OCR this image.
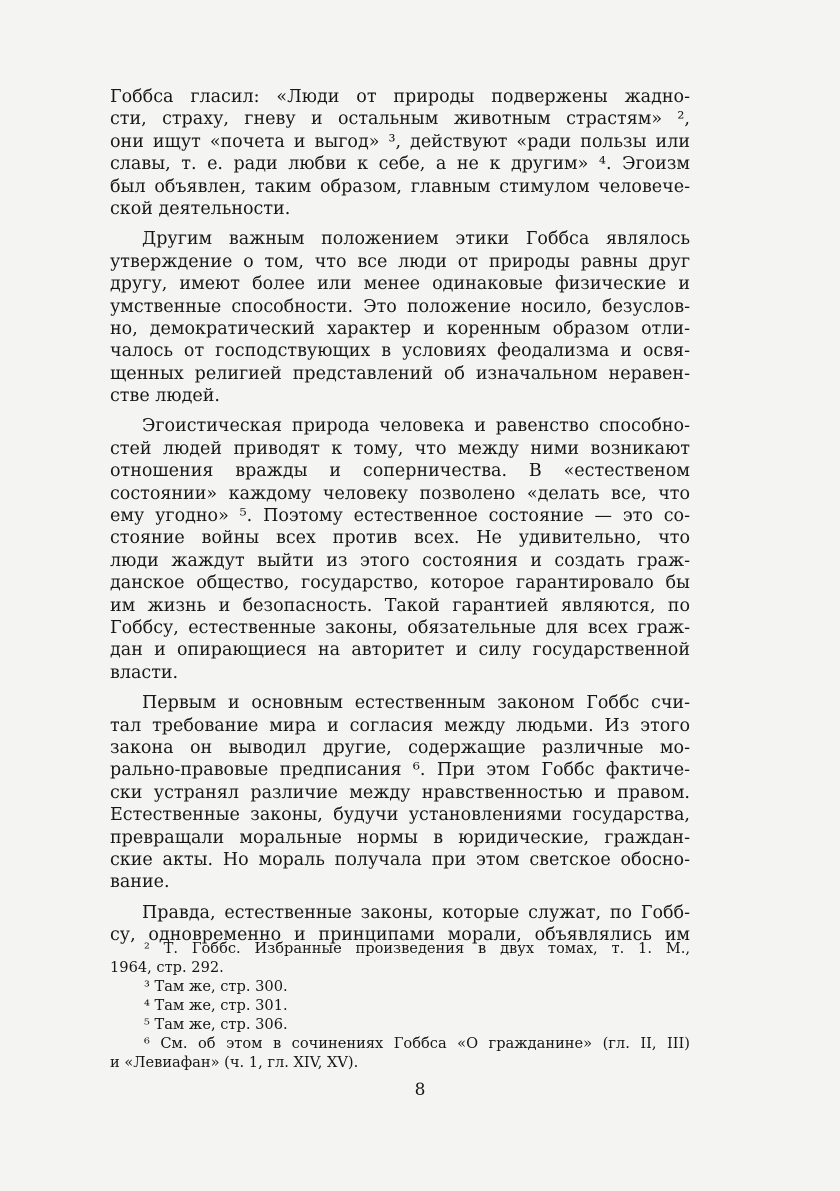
Гоббса гласил: «Люди от природы подвержены жадно-
сти, страху, гневу и остальным животным страстям» ²,
они ищут «почета и выгод» ³, действуют «ради пользы или
славы, т. е. ради любви к себе, а не к другим» ⁴. Эгоизм
был объявлен, таким образом, главным стимулом человече-
ской деятельности.
Другим важным положением этики Гоббса являлось
утверждение о том, что все люди от природы равны друг
другу, имеют более или менее одинаковые физические и
умственные способности. Это положение носило, безуслов-
но, демократический характер и коренным образом отли-
чалось от господствующих в условиях феодализма и освя-
щенных религией представлений об изначальном неравен-
стве людей.
Эгоистическая природа человека и равенство способно-
стей людей приводят к тому, что между ними возникают
отношения вражды и соперничества. В «естественом
состоянии» каждому человеку позволено «делать все, что
ему угодно» ⁵. Поэтому естественное состояние — это со-
стояние войны всех против всех. Не удивительно, что
люди жаждут выйти из этого состояния и создать граж-
данское общество, государство, которое гарантировало бы
им жизнь и безопасность. Такой гарантией являются, по
Гоббсу, естественные законы, обязательные для всех граж-
дан и опирающиеся на авторитет и силу государственной
власти.
Первым и основным естественным законом Гоббс счи-
тал требование мира и согласия между людьми. Из этого
закона он выводил другие, содержащие различные мо-
рально-правовые предписания ⁶. При этом Гоббс фактиче-
ски устранял различие между нравственностью и правом.
Естественные законы, будучи установлениями государства,
превращали моральные нормы в юридические, граждан-
ские акты. Но мораль получала при этом светское обосно-
вание.
Правда, естественные законы, которые служат, по Гобб-
су, одновременно и принципами морали, объявлялись им
² Т. Гоббс. Избранные произведения в двух томах, т. 1. М.,
1964, стр. 292.
³ Там же, стр. 300.
⁴ Там же, стр. 301.
⁵ Там же, стр. 306.
⁶ См. об этом в сочинениях Гоббса «О гражданине» (гл. II, III)
и «Левиафан» (ч. 1, гл. XIV, XV).
8
